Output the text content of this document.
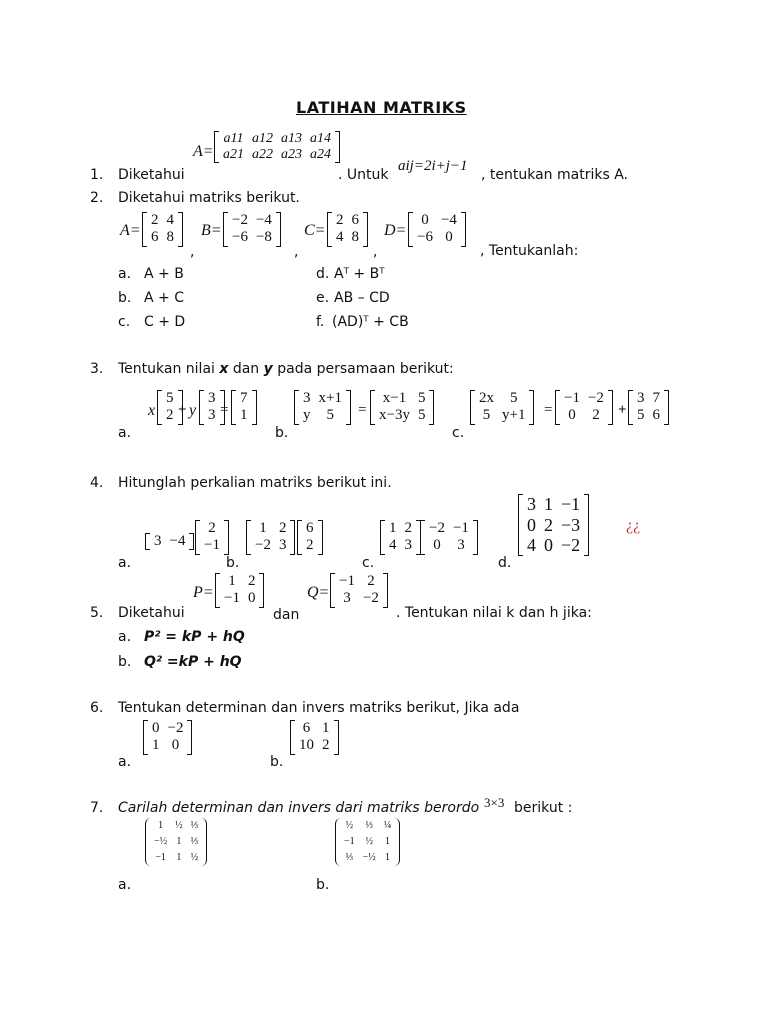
LATIHAN MATRIKS
1. Diketahui
A=
a11	a12	a13	a14
a21	a22	a23	a24
. Untuk
aij=2i+j−1
, tentukan matriks A.
2. Diketahui matriks berikut.
A=
2	4
6	8 B=
−2	−4
−6	−8
,
C=
2	6
4	8
,
D=
0	−4
−6	0
,	, Tentukanlah:
a. A + B
b. A + C
c. C + D
d. Aᵀ + Bᵀ
e. AB – CD
f. (AD)ᵀ + CB
3. Tentukan nilai x dan y pada persamaan berikut:
a.
x
5
2 + y
3
3 =
7
1
b.
3	x+1
y	5 =
x−1	5
x−3y	5
c.
2x	5
5	y+1 =
−1	−2
0	2 +
3	7
5	6
4. Hitunglah perkalian matriks berikut ini.
a.
3	−4
2
−1
b.
1	2
−2	3
6
2
c.
1	2
4	3
−2	−1
0	3
d.
3	1	−1
0	2	−3
4	0	−2
¿¿
5. Diketahui
P=
1	2
−1	0
dan
Q=
−1	2
3	−2
. Tentukan nilai k dan h jika:
a. P² = kP + hQ
b. Q² =kP + hQ
6. Tentukan determinan dan invers matriks berikut, Jika ada
a.
0	−2
1	0
b.
6	1
10	2
7. Carilah determinan dan invers dari matriks berordo 3×3 berikut :
a.
1	½	⅓
−½	1	⅓
−1	1	½
b.
½	⅓	¼
−1	½	1
⅓	−½	1
